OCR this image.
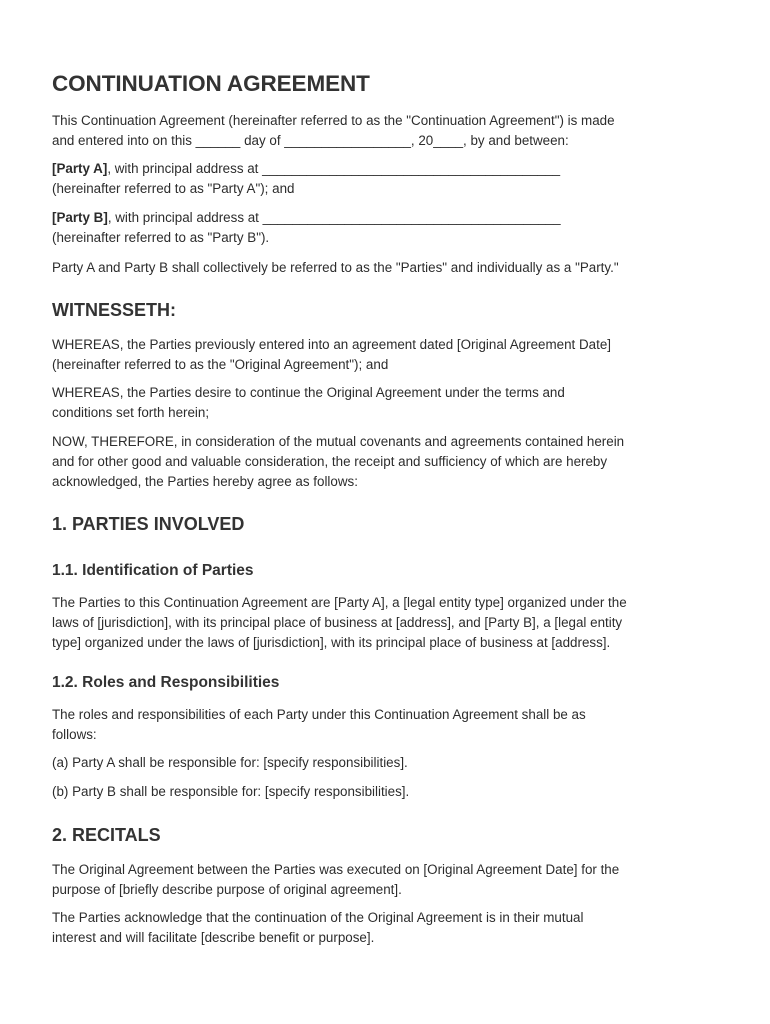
CONTINUATION AGREEMENT

This Continuation Agreement (hereinafter referred to as the "Continuation Agreement") is made
and entered into on this ______ day of _________________, 20____, by and between:

[Party A], with principal address at ________________________________________
(hereinafter referred to as "Party A"); and

[Party B], with principal address at ________________________________________
(hereinafter referred to as "Party B").

Party A and Party B shall collectively be referred to as the "Parties" and individually as a "Party."

WITNESSETH:

WHEREAS, the Parties previously entered into an agreement dated [Original Agreement Date]
(hereinafter referred to as the "Original Agreement"); and

WHEREAS, the Parties desire to continue the Original Agreement under the terms and
conditions set forth herein;

NOW, THEREFORE, in consideration of the mutual covenants and agreements contained herein
and for other good and valuable consideration, the receipt and sufficiency of which are hereby
acknowledged, the Parties hereby agree as follows:

1. PARTIES INVOLVED
1.1. Identification of Parties

The Parties to this Continuation Agreement are [Party A], a [legal entity type] organized under the
laws of [jurisdiction], with its principal place of business at [address], and [Party B], a [legal entity
type] organized under the laws of [jurisdiction], with its principal place of business at [address].

1.2. Roles and Responsibilities

The roles and responsibilities of each Party under this Continuation Agreement shall be as
follows:

(a) Party A shall be responsible for: [specify responsibilities].

(b) Party B shall be responsible for: [specify responsibilities].

2. RECITALS

The Original Agreement between the Parties was executed on [Original Agreement Date] for the
purpose of [briefly describe purpose of original agreement].

The Parties acknowledge that the continuation of the Original Agreement is in their mutual
interest and will facilitate [describe benefit or purpose].
